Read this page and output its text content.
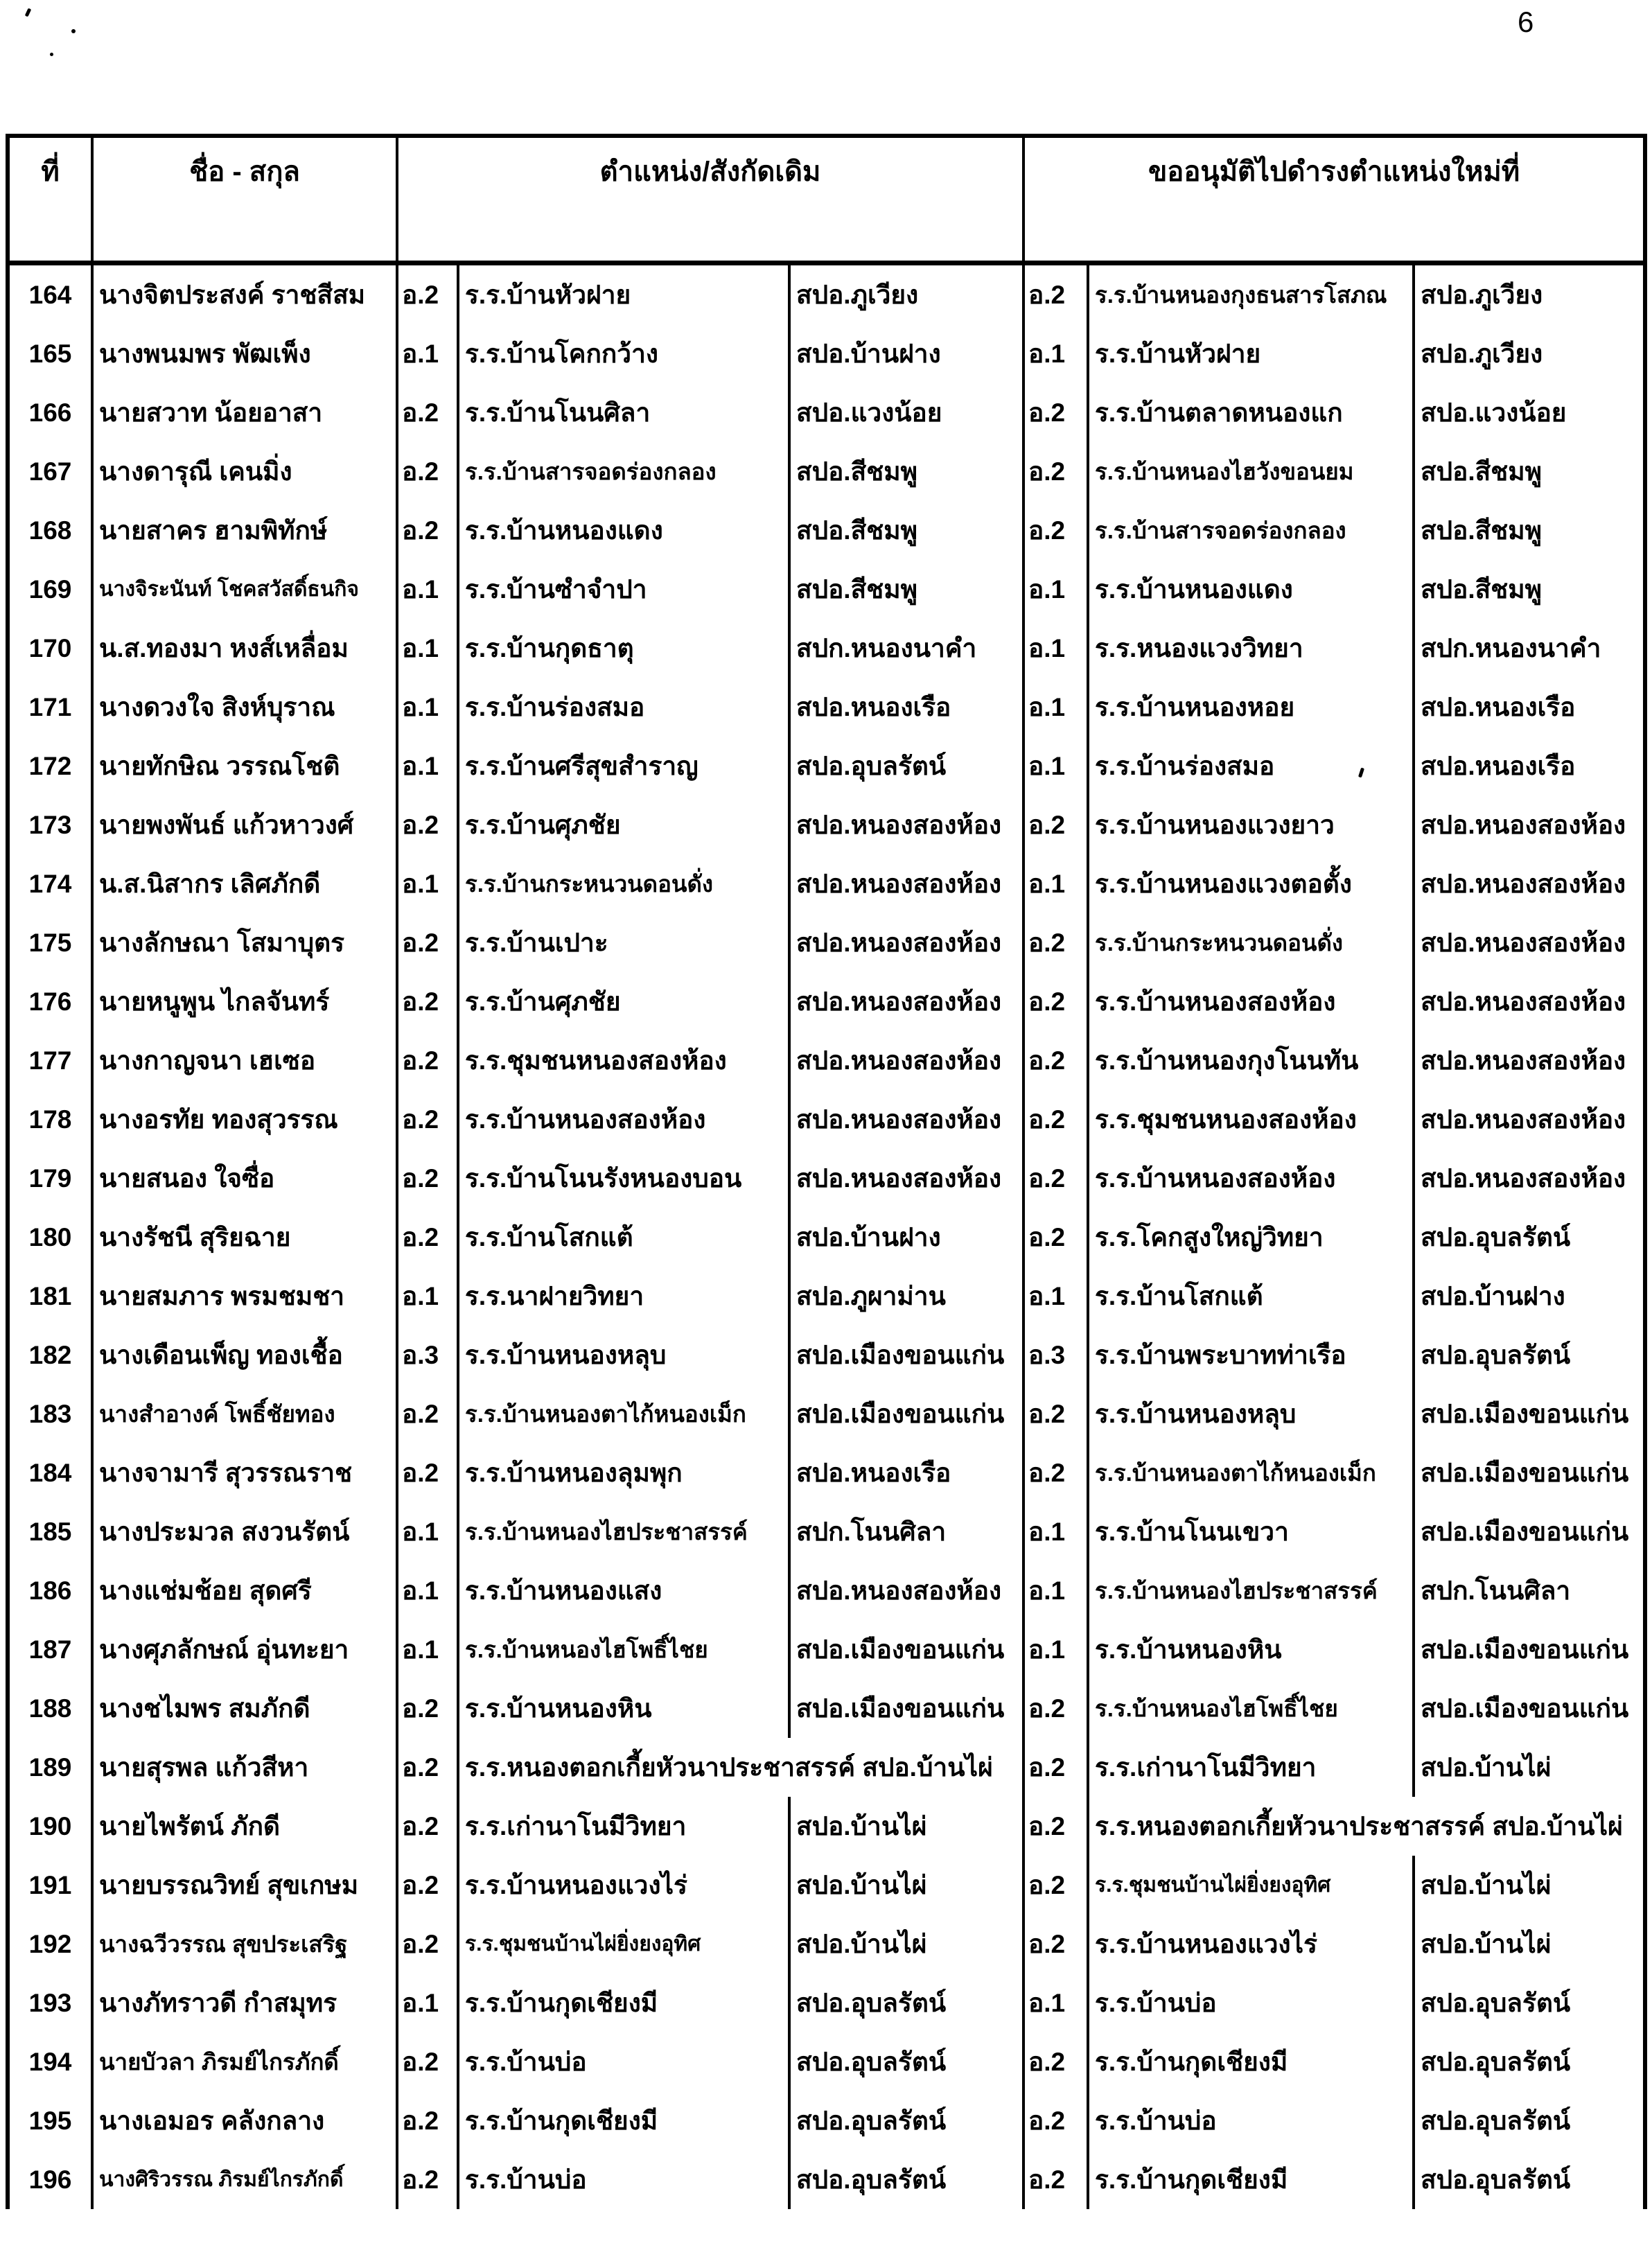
6
ที่	ชื่อ - สกุล	ตำแหน่ง/สังกัดเดิม			ขออนุมัติไปดำรงตำแหน่งใหม่ที่		
164	นางจิตประสงค์ ราชสีสม	อ.2	ร.ร.บ้านหัวฝาย	สปอ.ภูเวียง	อ.2	ร.ร.บ้านหนองกุงธนสารโสภณ	สปอ.ภูเวียง
165	นางพนมพร พัฒเพ็ง	อ.1	ร.ร.บ้านโคกกว้าง	สปอ.บ้านฝาง	อ.1	ร.ร.บ้านหัวฝาย	สปอ.ภูเวียง
166	นายสวาท น้อยอาสา	อ.2	ร.ร.บ้านโนนศิลา	สปอ.แวงน้อย	อ.2	ร.ร.บ้านตลาดหนองแก	สปอ.แวงน้อย
167	นางดารุณี เคนมิ่ง	อ.2	ร.ร.บ้านสารจอดร่องกลอง	สปอ.สีชมพู	อ.2	ร.ร.บ้านหนองไฮวังขอนยม	สปอ.สีชมพู
168	นายสาคร ฮามพิทักษ์	อ.2	ร.ร.บ้านหนองแดง	สปอ.สีชมพู	อ.2	ร.ร.บ้านสารจอดร่องกลอง	สปอ.สีชมพู
169	นางจิระนันท์ โชคสวัสดิ์ธนกิจ	อ.1	ร.ร.บ้านซำจำปา	สปอ.สีชมพู	อ.1	ร.ร.บ้านหนองแดง	สปอ.สีชมพู
170	น.ส.ทองมา หงส์เหลื่อม	อ.1	ร.ร.บ้านกุดธาตุ	สปก.หนองนาคำ	อ.1	ร.ร.หนองแวงวิทยา	สปก.หนองนาคำ
171	นางดวงใจ สิงห์บุราณ	อ.1	ร.ร.บ้านร่องสมอ	สปอ.หนองเรือ	อ.1	ร.ร.บ้านหนองหอย	สปอ.หนองเรือ
172	นายทักษิณ วรรณโชติ	อ.1	ร.ร.บ้านศรีสุขสำราญ	สปอ.อุบลรัตน์	อ.1	ร.ร.บ้านร่องสมอ	สปอ.หนองเรือ
173	นายพงพันธ์ แก้วหาวงศ์	อ.2	ร.ร.บ้านศุภชัย	สปอ.หนองสองห้อง	อ.2	ร.ร.บ้านหนองแวงยาว	สปอ.หนองสองห้อง
174	น.ส.นิสากร เลิศภักดี	อ.1	ร.ร.บ้านกระหนวนดอนดั่ง	สปอ.หนองสองห้อง	อ.1	ร.ร.บ้านหนองแวงตอตั้ง	สปอ.หนองสองห้อง
175	นางลักษณา โสมาบุตร	อ.2	ร.ร.บ้านเปาะ	สปอ.หนองสองห้อง	อ.2	ร.ร.บ้านกระหนวนดอนดั่ง	สปอ.หนองสองห้อง
176	นายหนูพูน ไกลจันทร์	อ.2	ร.ร.บ้านศุภชัย	สปอ.หนองสองห้อง	อ.2	ร.ร.บ้านหนองสองห้อง	สปอ.หนองสองห้อง
177	นางกาญจนา เฮเซอ	อ.2	ร.ร.ชุมชนหนองสองห้อง	สปอ.หนองสองห้อง	อ.2	ร.ร.บ้านหนองกุงโนนทัน	สปอ.หนองสองห้อง
178	นางอรทัย ทองสุวรรณ	อ.2	ร.ร.บ้านหนองสองห้อง	สปอ.หนองสองห้อง	อ.2	ร.ร.ชุมชนหนองสองห้อง	สปอ.หนองสองห้อง
179	นายสนอง ใจซื่อ	อ.2	ร.ร.บ้านโนนรังหนองบอน	สปอ.หนองสองห้อง	อ.2	ร.ร.บ้านหนองสองห้อง	สปอ.หนองสองห้อง
180	นางรัชนี สุริยฉาย	อ.2	ร.ร.บ้านโสกแต้	สปอ.บ้านฝาง	อ.2	ร.ร.โคกสูงใหญ่วิทยา	สปอ.อุบลรัตน์
181	นายสมภาร พรมชมชา	อ.1	ร.ร.นาฝายวิทยา	สปอ.ภูผาม่าน	อ.1	ร.ร.บ้านโสกแต้	สปอ.บ้านฝาง
182	นางเดือนเพ็ญ ทองเชื้อ	อ.3	ร.ร.บ้านหนองหลุบ	สปอ.เมืองขอนแก่น	อ.3	ร.ร.บ้านพระบาทท่าเรือ	สปอ.อุบลรัตน์
183	นางสำอางค์ โพธิ์ชัยทอง	อ.2	ร.ร.บ้านหนองตาไก้หนองเม็ก	สปอ.เมืองขอนแก่น	อ.2	ร.ร.บ้านหนองหลุบ	สปอ.เมืองขอนแก่น
184	นางจามารี สุวรรณราช	อ.2	ร.ร.บ้านหนองลุมพุก	สปอ.หนองเรือ	อ.2	ร.ร.บ้านหนองตาไก้หนองเม็ก	สปอ.เมืองขอนแก่น
185	นางประมวล สงวนรัตน์	อ.1	ร.ร.บ้านหนองไฮประชาสรรค์	สปก.โนนศิลา	อ.1	ร.ร.บ้านโนนเขวา	สปอ.เมืองขอนแก่น
186	นางแช่มช้อย สุดศรี	อ.1	ร.ร.บ้านหนองแสง	สปอ.หนองสองห้อง	อ.1	ร.ร.บ้านหนองไฮประชาสรรค์	สปก.โนนศิลา
187	นางศุภลักษณ์ อุ่นทะยา	อ.1	ร.ร.บ้านหนองไฮโพธิ์ไชย	สปอ.เมืองขอนแก่น	อ.1	ร.ร.บ้านหนองหิน	สปอ.เมืองขอนแก่น
188	นางชไมพร สมภักดี	อ.2	ร.ร.บ้านหนองหิน	สปอ.เมืองขอนแก่น	อ.2	ร.ร.บ้านหนองไฮโพธิ์ไชย	สปอ.เมืองขอนแก่น
189	นายสุรพล แก้วสีหา	อ.2	ร.ร.หนองตอกเกี้ยหัวนาประชาสรรค์ สปอ.บ้านไผ่		อ.2	ร.ร.เก่านาโนมีวิทยา	สปอ.บ้านไผ่
190	นายไพรัตน์ ภักดี	อ.2	ร.ร.เก่านาโนมีวิทยา	สปอ.บ้านไผ่	อ.2	ร.ร.หนองตอกเกี้ยหัวนาประชาสรรค์ สปอ.บ้านไผ่	
191	นายบรรณวิทย์ สุขเกษม	อ.2	ร.ร.บ้านหนองแวงไร่	สปอ.บ้านไผ่	อ.2	ร.ร.ชุมชนบ้านไผ่ยิ่งยงอุทิศ	สปอ.บ้านไผ่
192	นางฉวีวรรณ สุขประเสริฐ	อ.2	ร.ร.ชุมชนบ้านไผ่ยิ่งยงอุทิศ	สปอ.บ้านไผ่	อ.2	ร.ร.บ้านหนองแวงไร่	สปอ.บ้านไผ่
193	นางภัทราวดี กำสมุทร	อ.1	ร.ร.บ้านกุดเชียงมี	สปอ.อุบลรัตน์	อ.1	ร.ร.บ้านบ่อ	สปอ.อุบลรัตน์
194	นายบัวลา ภิรมย์ไกรภักดิ์	อ.2	ร.ร.บ้านบ่อ	สปอ.อุบลรัตน์	อ.2	ร.ร.บ้านกุดเชียงมี	สปอ.อุบลรัตน์
195	นางเอมอร คลังกลาง	อ.2	ร.ร.บ้านกุดเชียงมี	สปอ.อุบลรัตน์	อ.2	ร.ร.บ้านบ่อ	สปอ.อุบลรัตน์
196	นางศิริวรรณ ภิรมย์ไกรภักดิ์	อ.2	ร.ร.บ้านบ่อ	สปอ.อุบลรัตน์	อ.2	ร.ร.บ้านกุดเชียงมี	สปอ.อุบลรัตน์
